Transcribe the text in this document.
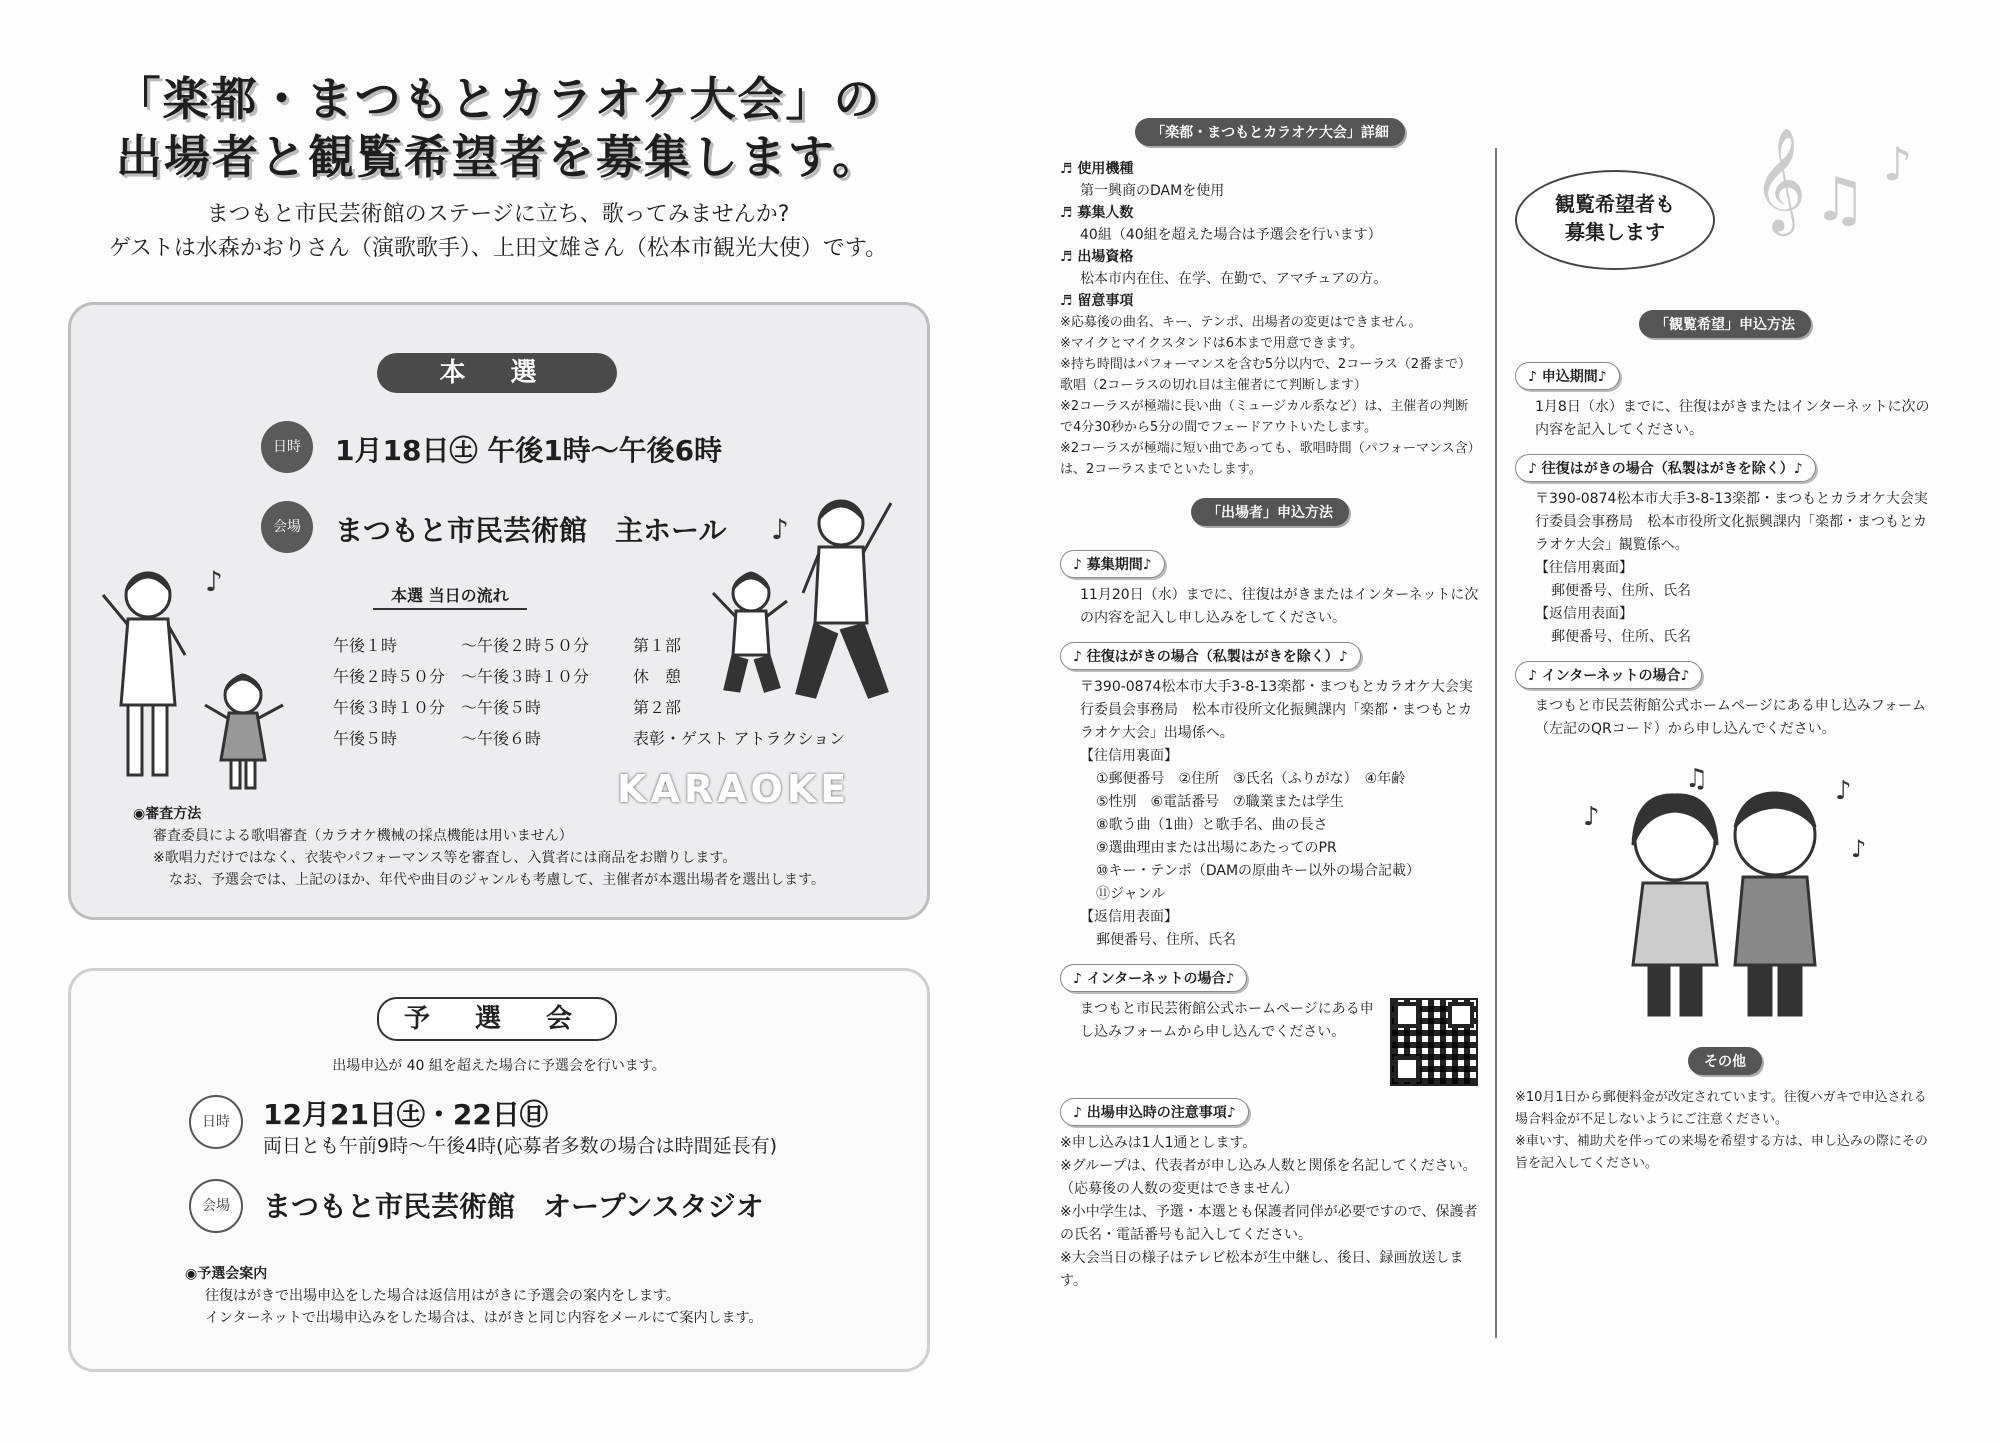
「楽都・まつもとカラオケ大会」の
出場者と観覧希望者を募集します。
まつもと市民芸術館のステージに立ち、歌ってみませんか?
ゲストは水森かおりさん（演歌歌手）、上田文雄さん（松本市観光大使）です。
本 選
日時	1月18日㊏ 午後1時～午後6時
会場	まつもと市民芸術館　主ホール
本選 当日の流れ
午後１時	～午後２時５０分	第１部
午後２時５０分	～午後３時１０分	休　憩
午後３時１０分	～午後５時	第２部
午後５時	～午後６時	表彰・ゲスト アトラクション
♪
♪
KARAOKE
◉審査方法
審査委員による歌唱審査（カラオケ機械の採点機能は用いません）
※歌唱力だけではなく、衣装やパフォーマンス等を審査し、入賞者には商品をお贈りします。
なお、予選会では、上記のほか、年代や曲目のジャンルも考慮して、主催者が本選出場者を選出します。
予 選 会
出場申込が 40 組を超えた場合に予選会を行います。
日時	12月21日㊏・22日㊐
両日とも午前9時～午後4時(応募者多数の場合は時間延長有)
会場	まつもと市民芸術館　オープンスタジオ
◉予選会案内
往復はがきで出場申込をした場合は返信用はがきに予選会の案内をします。
インターネットで出場申込みをした場合は、はがきと同じ内容をメールにて案内します。
「楽都・まつもとカラオケ大会」詳細
♬ 使用機種
第一興商のDAMを使用
♬ 募集人数
40組（40組を超えた場合は予選会を行います）
♬ 出場資格
松本市内在住、在学、在勤で、アマチュアの方。
♬ 留意事項
※応募後の曲名、キー、テンポ、出場者の変更はできません。
※マイクとマイクスタンドは6本まで用意できます。
※持ち時間はパフォーマンスを含む5分以内で、2コーラス（2番まで）歌唱（2コーラスの切れ目は主催者にて判断します）
※2コーラスが極端に長い曲（ミュージカル系など）は、主催者の判断で4分30秒から5分の間でフェードアウトいたします。
※2コーラスが極端に短い曲であっても、歌唱時間（パフォーマンス含）は、2コーラスまでといたします。
「出場者」申込方法
♪ 募集期間♪
11月20日（水）までに、往復はがきまたはインターネットに次の内容を記入し申し込みをしてください。
♪ 往復はがきの場合（私製はがきを除く）♪
〒390-0874松本市大手3-8-13楽都・まつもとカラオケ大会実行委員会事務局　松本市役所文化振興課内「楽都・まつもとカラオケ大会」出場係へ。
【往信用裏面】
①郵便番号　②住所　③氏名（ふりがな）　④年齢
⑤性別　⑥電話番号　⑦職業または学生
⑧歌う曲（1曲）と歌手名、曲の長さ
⑨選曲理由または出場にあたってのPR
⑩キー・テンポ（DAMの原曲キー以外の場合記載）
⑪ジャンル
【返信用表面】
郵便番号、住所、氏名
♪ インターネットの場合♪
まつもと市民芸術館公式ホームページにある申し込みフォームから申し込んでください。
♪ 出場申込時の注意事項♪
※申し込みは1人1通とします。
※グループは、代表者が申し込み人数と関係を名記してください。（応募後の人数の変更はできません）
※小中学生は、予選・本選とも保護者同伴が必要ですので、保護者の氏名・電話番号も記入してください。
※大会当日の様子はテレビ松本が生中継し、後日、録画放送します。
観覧希望者も
募集します 𝄞 ♫
♪
「観覧希望」申込方法
♪ 申込期間♪
1月8日（水）までに、往復はがきまたはインターネットに次の内容を記入してください。
♪ 往復はがきの場合（私製はがきを除く）♪
〒390-0874松本市大手3-8-13楽都・まつもとカラオケ大会実行委員会事務局　松本市役所文化振興課内「楽都・まつもとカラオケ大会」観覧係へ。
【往信用裏面】
郵便番号、住所、氏名
【返信用表面】
郵便番号、住所、氏名
♪ インターネットの場合♪
まつもと市民芸術館公式ホームページにある申し込みフォーム（左記のQRコード）から申し込んでください。
♪
♫	♪
♪
その他
※10月1日から郵便料金が改定されています。往復ハガキで申込される場合料金が不足しないようにご注意ください。
※車いす、補助犬を伴っての来場を希望する方は、申し込みの際にその旨を記入してください。
